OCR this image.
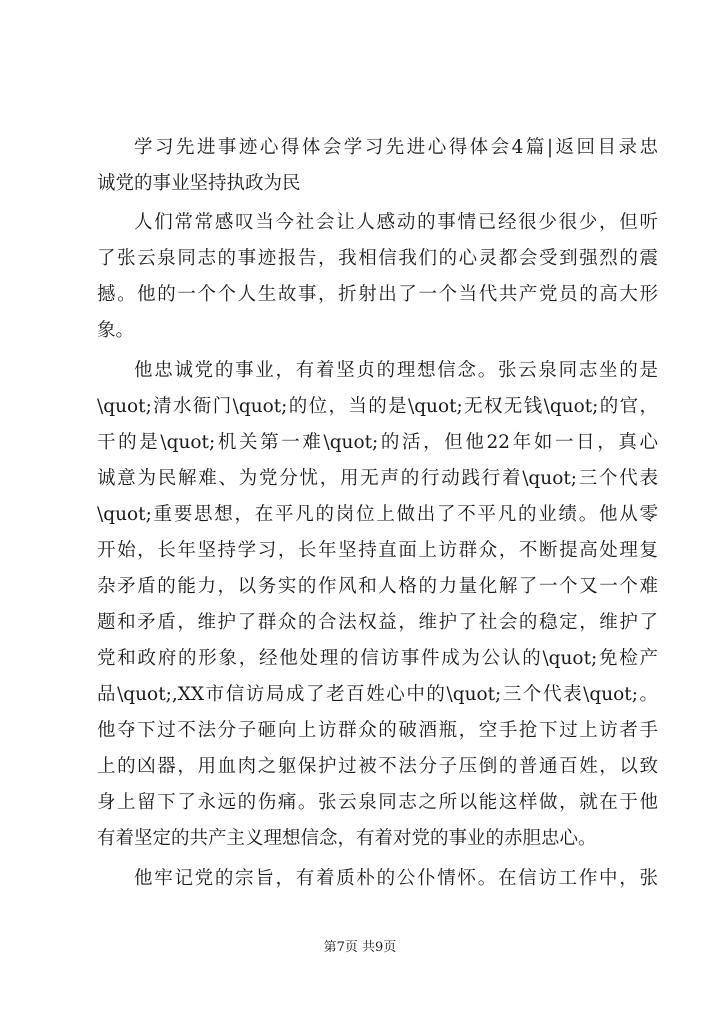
学习先进事迹心得体会学习先进心得体会4篇|返回目录忠
诚党的事业坚持执政为民
人们常常感叹当今社会让人感动的事情已经很少很少，但听
了张云泉同志的事迹报告，我相信我们的心灵都会受到强烈的震
撼。他的一个个人生故事，折射出了一个当代共产党员的高大形
象。
他忠诚党的事业，有着坚贞的理想信念。张云泉同志坐的是
\quot;清水衙门\quot;的位，当的是\quot;无权无钱\quot;的官，
干的是\quot;机关第一难\quot;的活，但他22年如一日，真心
诚意为民解难、为党分忧，用无声的行动践行着\quot;三个代表
\quot;重要思想，在平凡的岗位上做出了不平凡的业绩。他从零
开始，长年坚持学习，长年坚持直面上访群众，不断提高处理复
杂矛盾的能力，以务实的作风和人格的力量化解了一个又一个难
题和矛盾，维护了群众的合法权益，维护了社会的稳定，维护了
党和政府的形象，经他处理的信访事件成为公认的\quot;免检产
品\quot;,XX市信访局成了老百姓心中的\quot;三个代表\quot;。
他夺下过不法分子砸向上访群众的破酒瓶，空手抢下过上访者手
上的凶器，用血肉之躯保护过被不法分子压倒的普通百姓，以致
身上留下了永远的伤痛。张云泉同志之所以能这样做，就在于他
有着坚定的共产主义理想信念，有着对党的事业的赤胆忠心。
他牢记党的宗旨，有着质朴的公仆情怀。在信访工作中，张
第7页 共9页
